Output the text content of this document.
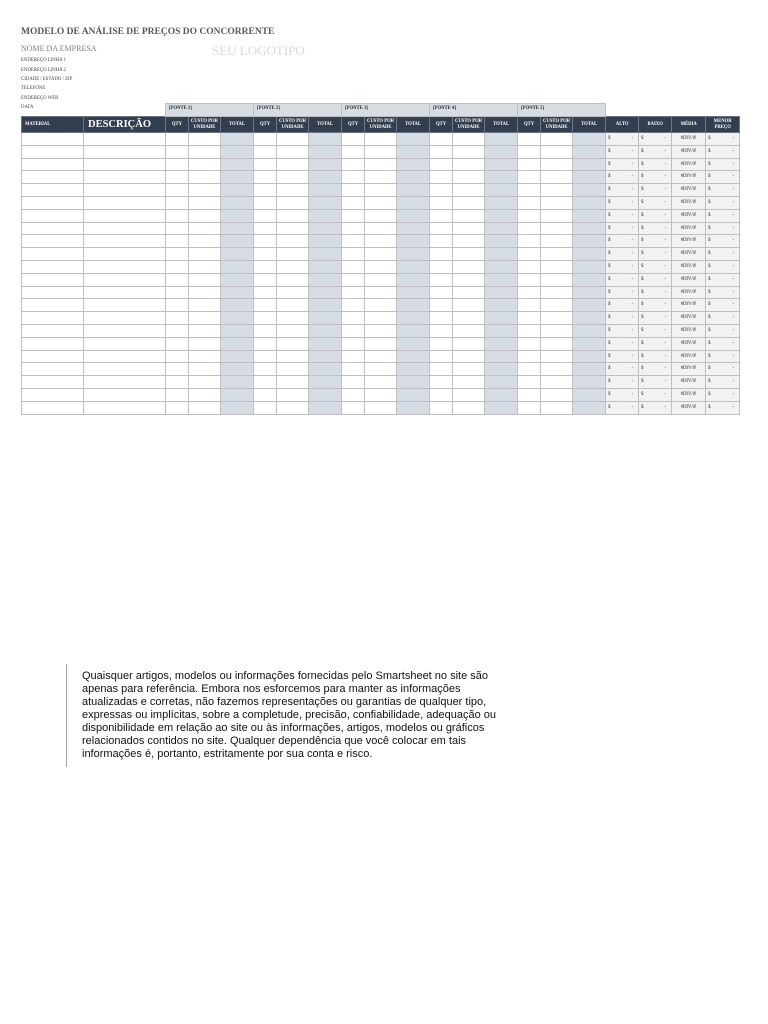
MODELO DE ANÁLISE DE PREÇOS DO CONCORRENTE
NOME DA EMPRESA	SEU LOGOTIPO
ENDEREÇO LINHA 1
ENDEREÇO LINHA 2
CIDADE / ESTADO / ZIP
TELEFONE
ENDEREÇO WEB
DATA
		[FONTE 1]			[FONTE 2]			[FONTE 3]			[FONTE 4]			[FONTE 5]						
MATERIAL	DESCRIÇÃO	QTY	CUSTO POR UNIDADE	TOTAL	QTY	CUSTO POR UNIDADE	TOTAL	QTY	CUSTO POR UNIDADE	TOTAL	QTY	CUSTO POR UNIDADE	TOTAL	QTY	CUSTO POR UNIDADE	TOTAL	ALTO	BAIXO	MÉDIA	MENOR PREÇO

																	$ -	$ -	#DIV/0!	$ -

																	$ -	$ -	#DIV/0!	$ -

																	$ -	$ -	#DIV/0!	$ -

																	$ -	$ -	#DIV/0!	$ -

																	$ -	$ -	#DIV/0!	$ -

																	$ -	$ -	#DIV/0!	$ -

																	$ -	$ -	#DIV/0!	$ -

																	$ -	$ -	#DIV/0!	$ -

																	$ -	$ -	#DIV/0!	$ -

																	$ -	$ -	#DIV/0!	$ -

																	$ -	$ -	#DIV/0!	$ -

																	$ -	$ -	#DIV/0!	$ -

																	$ -	$ -	#DIV/0!	$ -

																	$ -	$ -	#DIV/0!	$ -

																	$ -	$ -	#DIV/0!	$ -

																	$ -	$ -	#DIV/0!	$ -

																	$ -	$ -	#DIV/0!	$ -

																	$ -	$ -	#DIV/0!	$ -

																	$ -	$ -	#DIV/0!	$ -

																	$ -	$ -	#DIV/0!	$ -

																	$ -	$ -	#DIV/0!	$ -

																	$ -	$ -	#DIV/0!	$ -
Quaisquer artigos, modelos ou informações fornecidas pelo Smartsheet no site são
apenas para referência. Embora nos esforcemos para manter as informações
atualizadas e corretas, não fazemos representações ou garantias de qualquer tipo,
expressas ou implícitas, sobre a completude, precisão, confiabilidade, adequação ou
disponibilidade em relação ao site ou às informações, artigos, modelos ou gráficos
relacionados contidos no site. Qualquer dependência que você colocar em tais
informações é, portanto, estritamente por sua conta e risco.
